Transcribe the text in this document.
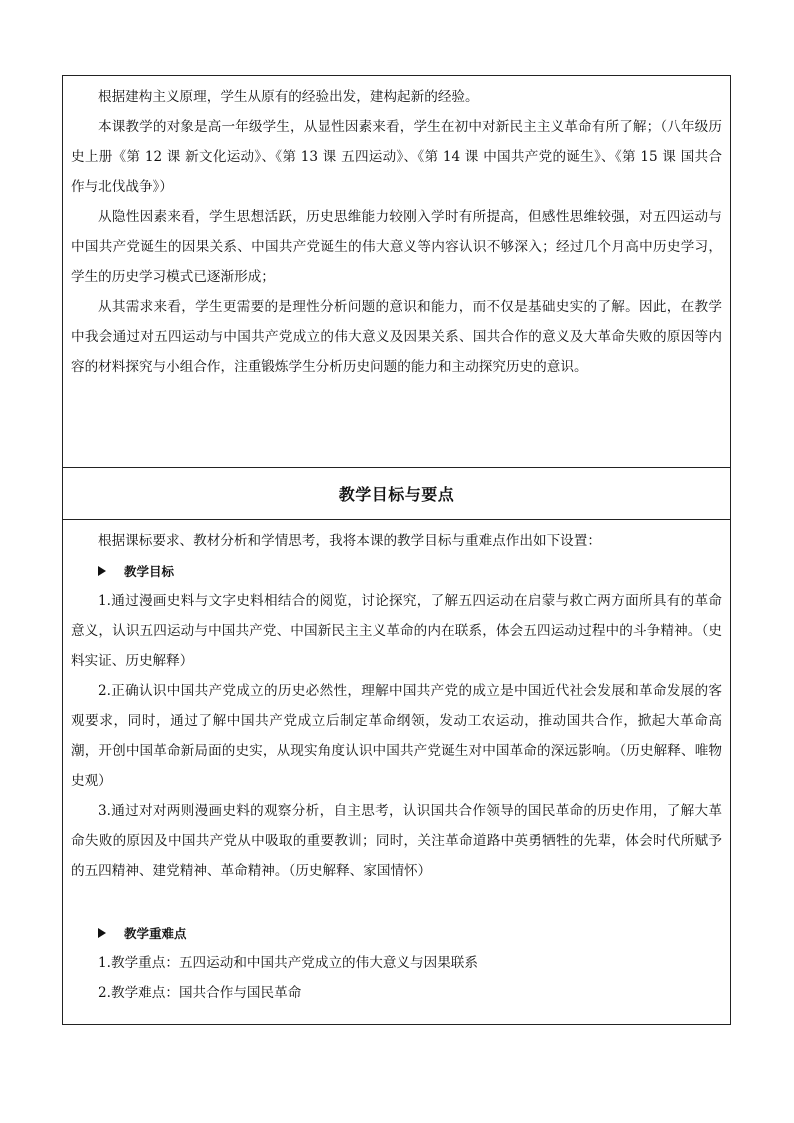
根据建构主义原理，学生从原有的经验出发，建构起新的经验。

本课教学的对象是高一年级学生，从显性因素来看，学生在初中对新民主主义革命有所了解；（八年级历史上册《第 12 课 新文化运动》、《第 13 课 五四运动》、《第 14 课 中国共产党的诞生》、《第 15 课 国共合作与北伐战争》）

从隐性因素来看，学生思想活跃，历史思维能力较刚入学时有所提高，但感性思维较强，对五四运动与中国共产党诞生的因果关系、中国共产党诞生的伟大意义等内容认识不够深入；经过几个月高中历史学习，学生的历史学习模式已逐渐形成；

从其需求来看，学生更需要的是理性分析问题的意识和能力，而不仅是基础史实的了解。因此，在教学中我会通过对五四运动与中国共产党成立的伟大意义及因果关系、国共合作的意义及大革命失败的原因等内容的材料探究与小组合作，注重锻炼学生分析历史问题的能力和主动探究历史的意识。

教学目标与要点

根据课标要求、教材分析和学情思考，我将本课的教学目标与重难点作出如下设置：

教学目标

1.通过漫画史料与文字史料相结合的阅览，讨论探究，了解五四运动在启蒙与救亡两方面所具有的革命意义，认识五四运动与中国共产党、中国新民主主义革命的内在联系，体会五四运动过程中的斗争精神。（史料实证、历史解释）

2.正确认识中国共产党成立的历史必然性，理解中国共产党的成立是中国近代社会发展和革命发展的客观要求，同时，通过了解中国共产党成立后制定革命纲领，发动工农运动，推动国共合作，掀起大革命高潮，开创中国革命新局面的史实，从现实角度认识中国共产党诞生对中国革命的深远影响。（历史解释、唯物史观）

3.通过对对两则漫画史料的观察分析，自主思考，认识国共合作领导的国民革命的历史作用，了解大革命失败的原因及中国共产党从中吸取的重要教训；同时，关注革命道路中英勇牺牲的先辈，体会时代所赋予的五四精神、建党精神、革命精神。（历史解释、家国情怀）

教学重难点

1.教学重点：五四运动和中国共产党成立的伟大意义与因果联系

2.教学难点：国共合作与国民革命
